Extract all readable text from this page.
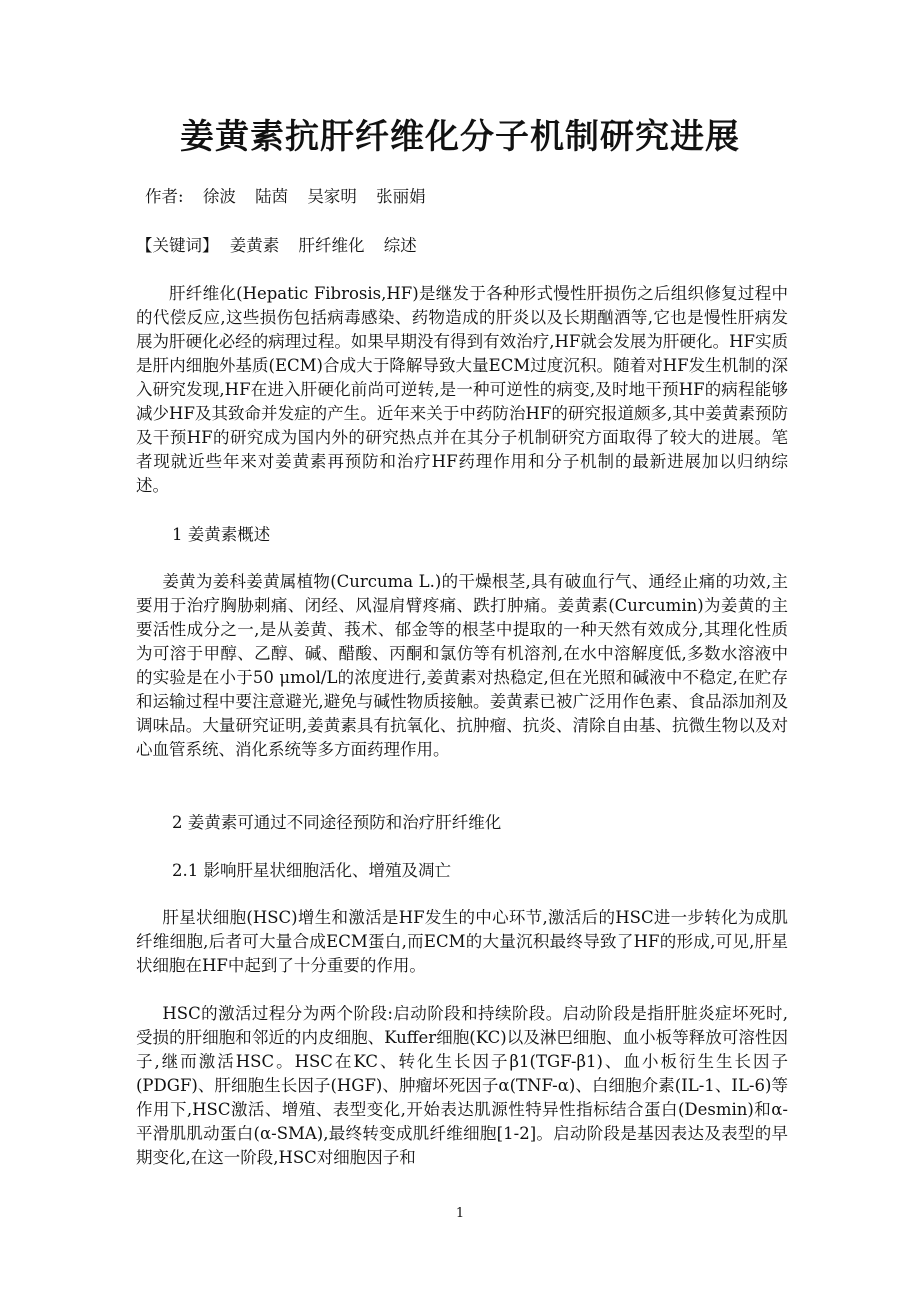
姜黄素抗肝纤维化分子机制研究进展
作者: 徐波 陆茵 吴家明 张丽娟
【关键词】 姜黄素 肝纤维化 综述

肝纤维化(Hepatic Fibrosis,HF)是继发于各种形式慢性肝损伤之后组织修复过程中的代偿反应,这些损伤包括病毒感染、药物造成的肝炎以及长期酗酒等,它也是慢性肝病发展为肝硬化必经的病理过程。如果早期没有得到有效治疗,HF就会发展为肝硬化。HF实质是肝内细胞外基质(ECM)合成大于降解导致大量ECM过度沉积。随着对HF发生机制的深入研究发现,HF在进入肝硬化前尚可逆转,是一种可逆性的病变,及时地干预HF的病程能够减少HF及其致命并发症的产生。近年来关于中药防治HF的研究报道颇多,其中姜黄素预防及干预HF的研究成为国内外的研究热点并在其分子机制研究方面取得了较大的进展。笔者现就近些年来对姜黄素再预防和治疗HF药理作用和分子机制的最新进展加以归纳综述。

1 姜黄素概述

姜黄为姜科姜黄属植物(Curcuma L.)的干燥根茎,具有破血行气、通经止痛的功效,主要用于治疗胸胁刺痛、闭经、风湿肩臂疼痛、跌打肿痛。姜黄素(Curcumin)为姜黄的主要活性成分之一,是从姜黄、莪术、郁金等的根茎中提取的一种天然有效成分,其理化性质为可溶于甲醇、乙醇、碱、醋酸、丙酮和氯仿等有机溶剂,在水中溶解度低,多数水溶液中的实验是在小于50 μmol/L的浓度进行,姜黄素对热稳定,但在光照和碱液中不稳定,在贮存和运输过程中要注意避光,避免与碱性物质接触。姜黄素已被广泛用作色素、食品添加剂及调味品。大量研究证明,姜黄素具有抗氧化、抗肿瘤、抗炎、清除自由基、抗微生物以及对心血管系统、消化系统等多方面药理作用。

2 姜黄素可通过不同途径预防和治疗肝纤维化

2.1 影响肝星状细胞活化、增殖及凋亡

肝星状细胞(HSC)增生和激活是HF发生的中心环节,激活后的HSC进一步转化为成肌纤维细胞,后者可大量合成ECM蛋白,而ECM的大量沉积最终导致了HF的形成,可见,肝星状细胞在HF中起到了十分重要的作用。

HSC的激活过程分为两个阶段:启动阶段和持续阶段。启动阶段是指肝脏炎症坏死时,受损的肝细胞和邻近的内皮细胞、Kuffer细胞(KC)以及淋巴细胞、血小板等释放可溶性因子,继而激活HSC。HSC在KC、转化生长因子β1(TGF-β1)、血小板衍生生长因子(PDGF)、肝细胞生长因子(HGF)、肿瘤坏死因子α(TNF-α)、白细胞介素(IL-1、IL-6)等作用下,HSC激活、增殖、表型变化,开始表达肌源性特异性指标结合蛋白(Desmin)和α-平滑肌肌动蛋白(α-SMA),最终转变成肌纤维细胞[1-2]。启动阶段是基因表达及表型的早期变化,在这一阶段,HSC对细胞因子和

1
